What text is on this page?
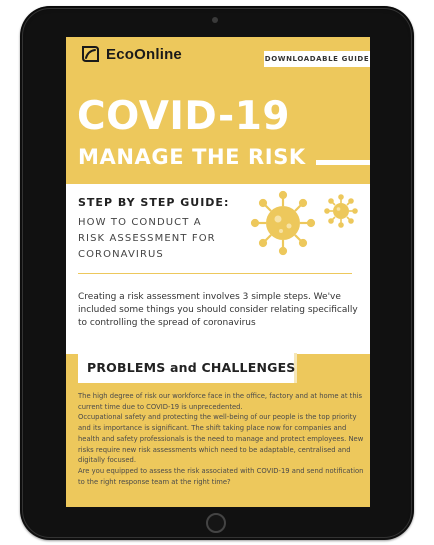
EcoOnline	DOWNLOADABLE GUIDE
COVID-19
MANAGE THE RISK
STEP BY STEP GUIDE:
HOW TO CONDUCT A
RISK ASSESSMENT FOR
CORONAVIRUS
Creating a risk assessment involves 3 simple steps. We've included some things you should consider relating specifically to controlling the spread of coronavirus
PROBLEMS and CHALLENGES

The high degree of risk our workforce face in the office, factory and at home at this current time due to COVID-19 is unprecedented.

Occupational safety and protecting the well-being of our people is the top priority and its importance is significant. The shift taking place now for companies and health and safety professionals is the need to manage and protect employees. New risks require new risk assessments which need to be adaptable, centralised and digitally focused.

Are you equipped to assess the risk associated with COVID-19 and send notification to the right response team at the right time?
